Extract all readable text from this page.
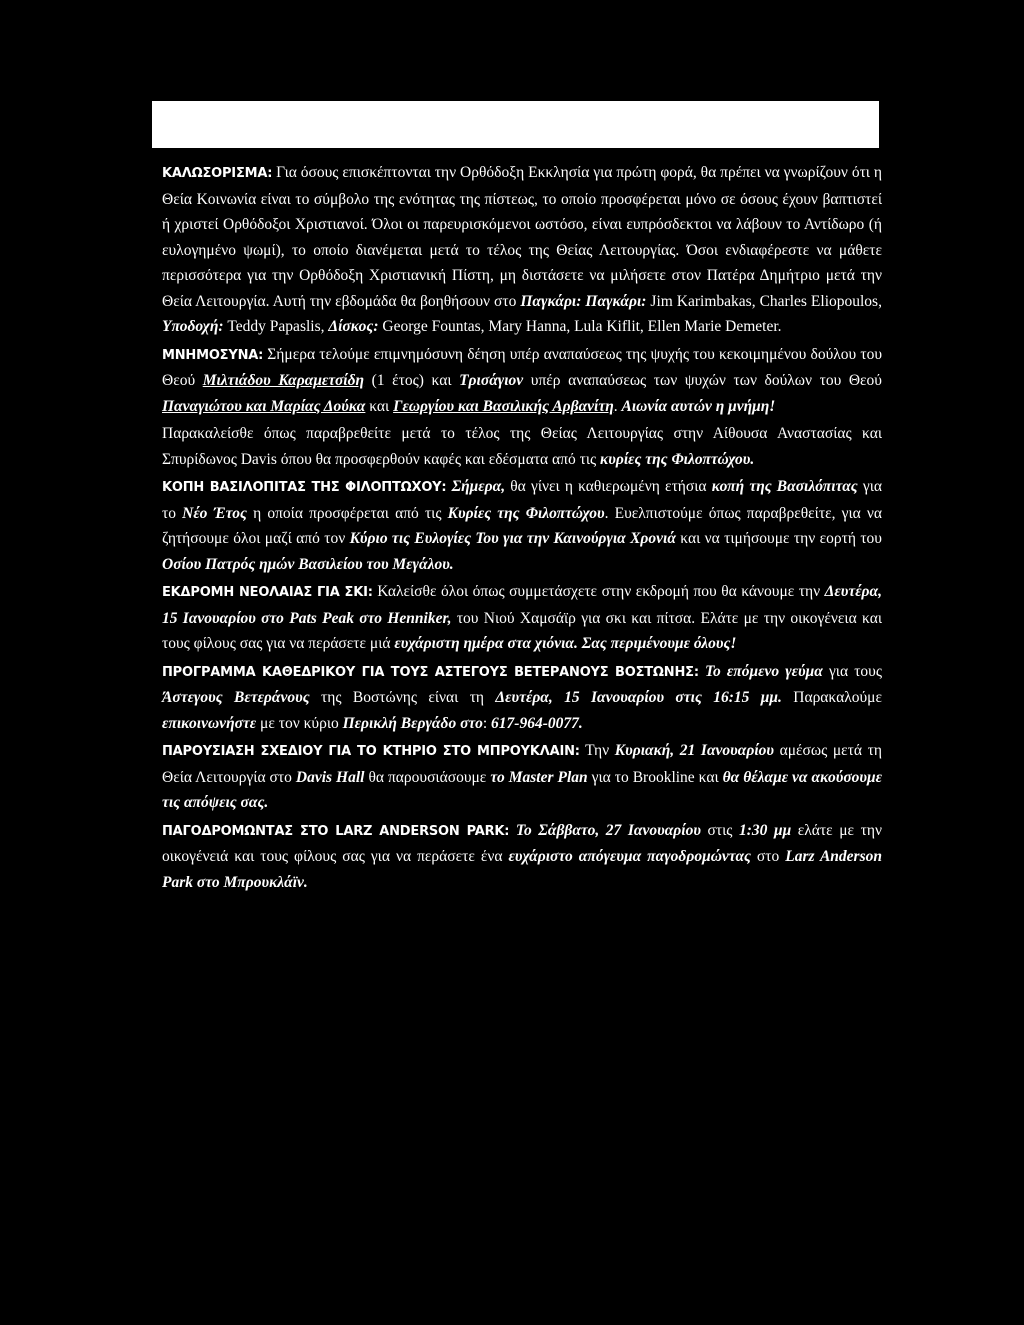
ΚΑΛΩΣΟΡΙΣΜΑ: Για όσους επισκέπτονται την Ορθόδοξη Εκκλησία για πρώτη φορά, θα πρέπει να γνωρίζουν ότι η Θεία Κοινωνία είναι το σύμβολο της ενότητας της πίστεως, το οποίο προσφέρεται μόνο σε όσους έχουν βαπτιστεί ή χριστεί Ορθόδοξοι Χριστιανοί. Όλοι οι παρευρισκόμενοι ωστόσο, είναι ευπρόσδεκτοι να λάβουν το Αντίδωρο (ή ευλογημένο ψωμί), το οποίο διανέμεται μετά το τέλος της Θείας Λειτουργίας. Όσοι ενδιαφέρεστε να μάθετε περισσότερα για την Ορθόδοξη Χριστιανική Πίστη, μη διστάσετε να μιλήσετε στον Πατέρα Δημήτριο μετά την Θεία Λειτουργία. Αυτή την εβδομάδα θα βοηθήσουν στο Παγκάρι: Παγκάρι: Jim Karimbakas, Charles Eliopoulos, Υποδοχή: Teddy Papaslis, Δίσκος: George Fountas, Mary Hanna, Lula Kiflit, Ellen Marie Demeter.

ΜΝΗΜΟΣΥΝΑ: Σήμερα τελούμε επιμνημόσυνη δέηση υπέρ αναπαύσεως της ψυχής του κεκοιμημένου δούλου του Θεού Μιλτιάδου Καραμετσίδη (1 έτος) και Τρισάγιον υπέρ αναπαύσεως των ψυχών των δούλων του Θεού Παναγιώτου και Μαρίας Δούκα και Γεωργίου και Βασιλικής Αρβανίτη. Αιωνία αυτών η μνήμη!

Παρακαλείσθε όπως παραβρεθείτε μετά το τέλος της Θείας Λειτουργίας στην Αίθουσα Αναστασίας και Σπυρίδωνος Davis όπου θα προσφερθούν καφές και εδέσματα από τις κυρίες της Φιλοπτώχου.

ΚΟΠΗ ΒΑΣΙΛΟΠΙΤΑΣ ΤΗΣ ΦΙΛΟΠΤΩΧΟΥ: Σήμερα, θα γίνει η καθιερωμένη ετήσια κοπή της Βασιλόπιτας για το Νέο Έτος η οποία προσφέρεται από τις Κυρίες της Φιλοπτώχου. Ευελπιστούμε όπως παραβρεθείτε, για να ζητήσουμε όλοι μαζί από τον Κύριο τις Ευλογίες Του για την Καινούργια Χρονιά και να τιμήσουμε την εορτή του Οσίου Πατρός ημών Βασιλείου του Μεγάλου.

ΕΚΔΡΟΜΗ ΝΕΟΛΑΙΑΣ ΓΙΑ ΣΚΙ: Καλείσθε όλοι όπως συμμετάσχετε στην εκδρομή που θα κάνουμε την Δευτέρα, 15 Ιανουαρίου στο Pats Peak στο Henniker, του Νιού Χαμσάϊρ για σκι και πίτσα. Ελάτε με την οικογένεια και τους φίλους σας για να περάσετε μιά ευχάριστη ημέρα στα χιόνια. Σας περιμένουμε όλους!

ΠΡΟΓΡΑΜΜΑ ΚΑΘΕΔΡΙΚΟΥ ΓΙΑ ΤΟΥΣ ΑΣΤΕΓΟΥΣ ΒΕΤΕΡΑΝΟΥΣ ΒΟΣΤΩΝΗΣ: Το επόμενο γεύμα για τους Άστεγους Βετεράνους της Βοστώνης είναι τη Δευτέρα, 15 Ιανουαρίου στις 16:15 μμ. Παρακαλούμε επικοινωνήστε με τον κύριο Περικλή Βεργάδο στο: 617-964-0077.

ΠΑΡΟΥΣΙΑΣΗ ΣΧΕΔΙΟΥ ΓΙΑ ΤΟ ΚΤΗΡΙΟ ΣΤΟ ΜΠΡΟΥΚΛΑΙΝ: Την Κυριακή, 21 Ιανουαρίου αμέσως μετά τη Θεία Λειτουργία στο Davis Hall θα παρουσιάσουμε το Master Plan για το Brookline και θα θέλαμε να ακούσουμε τις απόψεις σας.

ΠΑΓΟΔΡΟΜΩΝΤΑΣ ΣΤΟ LARZ ANDERSON PARK: Το Σάββατο, 27 Ιανουαρίου στις 1:30 μμ ελάτε με την οικογένειά και τους φίλους σας για να περάσετε ένα ευχάριστο απόγευμα παγοδρομώντας στο Larz Anderson Park στο Μπρουκλάϊν.
